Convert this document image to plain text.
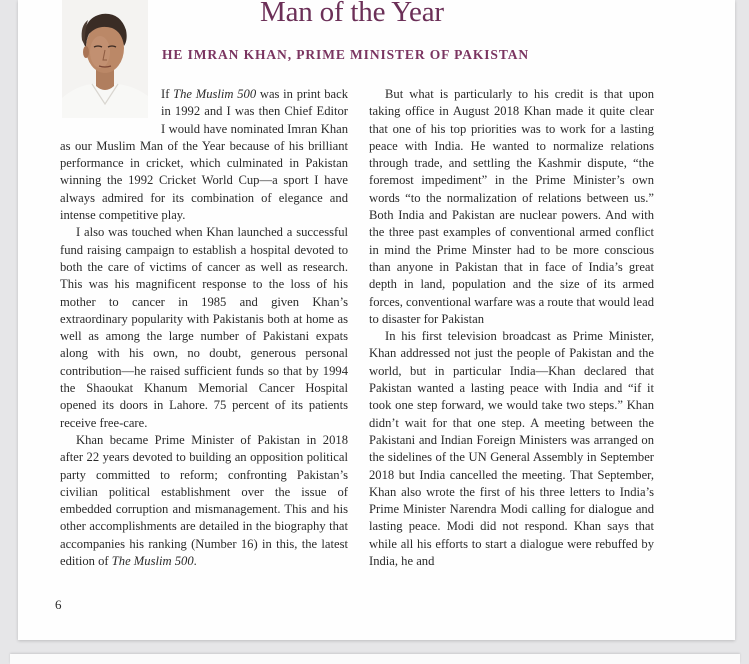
Man of the Year
HE IMRAN KHAN, PRIME MINISTER OF PAKISTAN

If The Muslim 500 was in print back in 1992 and I was then Chief Editor I would have nominated Imran Khan as our Muslim Man of the Year because of his brilliant performance in cricket, which culminated in Pakistan winning the 1992 Cricket World Cup—a sport I have always admired for its combination of elegance and intense competitive play.

I also was touched when Khan launched a successful fund raising campaign to establish a hospital devoted to both the care of victims of cancer as well as research. This was his magnificent response to the loss of his mother to cancer in 1985 and given Khan’s extraordinary popularity with Pakistanis both at home as well as among the large number of Pakistani expats along with his own, no doubt, generous personal contribution—he raised sufficient funds so that by 1994 the Shaoukat Khanum Memorial Cancer Hospital opened its doors in Lahore. 75 percent of its patients receive free-care.

Khan became Prime Minister of Pakistan in 2018 after 22 years devoted to building an opposition political party committed to reform; confronting Pakistan’s civilian political establishment over the issue of embedded corruption and mismanagement. This and his other accomplishments are detailed in the biography that accompanies his ranking (Number 16) in this, the latest edition of The Muslim 500.

But what is particularly to his credit is that upon taking office in August 2018 Khan made it quite clear that one of his top priorities was to work for a lasting peace with India. He wanted to normalize relations through trade, and settling the Kashmir dispute, “the foremost impediment” in the Prime Minister’s own words “to the normalization of relations between us.” Both India and Pakistan are nuclear powers. And with the three past examples of conventional armed conflict in mind the Prime Minster had to be more conscious than anyone in Pakistan that in face of India’s great depth in land, population and the size of its armed forces, conventional warfare was a route that would lead to disaster for Pakistan

In his first television broadcast as Prime Minister, Khan addressed not just the people of Pakistan and the world, but in particular India—Khan declared that Pakistan wanted a lasting peace with India and “if it took one step forward, we would take two steps.” Khan didn’t wait for that one step. A meeting between the Pakistani and Indian Foreign Ministers was arranged on the sidelines of the UN General Assembly in September 2018 but India cancelled the meeting. That September, Khan also wrote the first of his three letters to India’s Prime Minister Narendra Modi calling for dialogue and lasting peace. Modi did not respond. Khan says that while all his efforts to start a dialogue were rebuffed by India, he and

6
